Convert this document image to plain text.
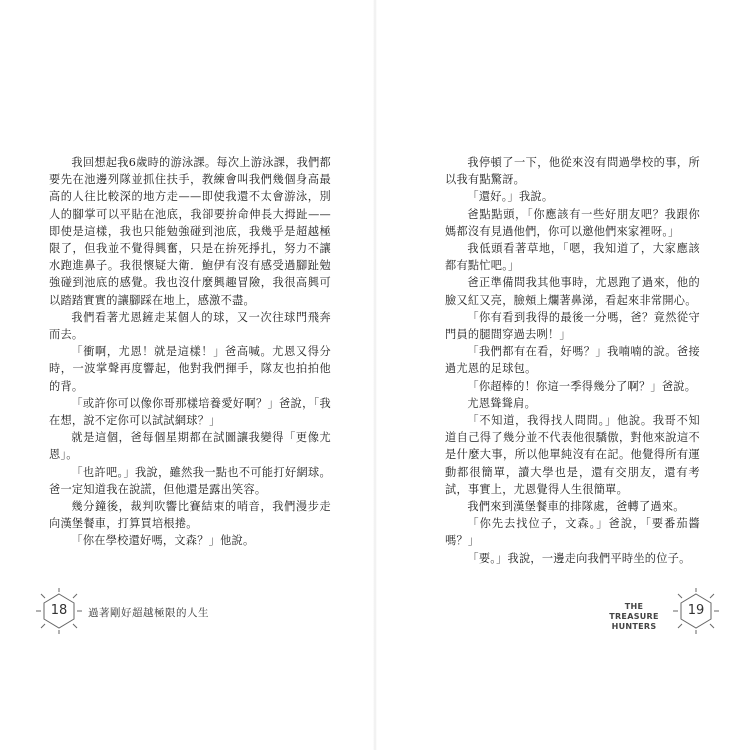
我回想起我6歲時的游泳課。每次上游泳課，我們都要先在池邊列隊並抓住扶手，教練會叫我們幾個身高最高的人往比較深的地方走——即使我還不太會游泳，別人的腳掌可以平貼在池底，我卻要拚命伸長大拇趾——即使是這樣，我也只能勉強碰到池底，我幾乎是超越極限了，但我並不覺得興奮，只是在拚死掙扎，努力不讓水跑進鼻子。我很懷疑大衛．鮑伊有沒有感受過腳趾勉強碰到池底的感覺。我也沒什麼興趣冒險，我很高興可以踏踏實實的讓腳踩在地上，感激不盡。

我們看著尤恩鏟走某個人的球，又一次往球門飛奔而去。

「衝啊，尤恩！就是這樣！」爸高喊。尤恩又得分時，一波掌聲再度響起，他對我們揮手，隊友也拍拍他的背。

「或許你可以像你哥那樣培養愛好啊？」爸說，「我在想，說不定你可以試試網球？」

就是這個，爸每個星期都在試圖讓我變得「更像尤恩」。

「也許吧。」我說，雖然我一點也不可能打好網球。爸一定知道我在說謊，但他還是露出笑容。

幾分鐘後，裁判吹響比賽結束的哨音，我們漫步走向漢堡餐車，打算買培根捲。

「你在學校還好嗎，文森？」他說。

18	過著剛好超越極限的人生

我停頓了一下，他從來沒有問過學校的事，所以我有點驚訝。

「還好。」我說。

爸點點頭，「你應該有一些好朋友吧？我跟你媽都沒有見過他們，你可以邀他們來家裡呀。」

我低頭看著草地，「嗯，我知道了，大家應該都有點忙吧。」

爸正準備問我其他事時，尤恩跑了過來，他的臉又紅又亮，臉頰上爛著鼻涕，看起來非常開心。

「你有看到我得的最後一分嗎，爸？竟然從守門員的腿間穿過去咧！」

「我們都有在看，好嗎？」我喃喃的說。爸接過尤恩的足球包。

「你超棒的！你這一季得幾分了啊？」爸說。

尤恩聳聳肩。

「不知道，我得找人問問。」他說。我哥不知道自己得了幾分並不代表他很驕傲，對他來說這不是什麼大事，所以他單純沒有在記。他覺得所有運動都很簡單，讀大學也是，還有交朋友，還有考試，事實上，尤恩覺得人生很簡單。

我們來到漢堡餐車的排隊處，爸轉了過來。

「你先去找位子，文森。」爸說，「要番茄醬嗎？」

「要。」我說，一邊走向我們平時坐的位子。

THE TREASURE
HUNTERS
19
